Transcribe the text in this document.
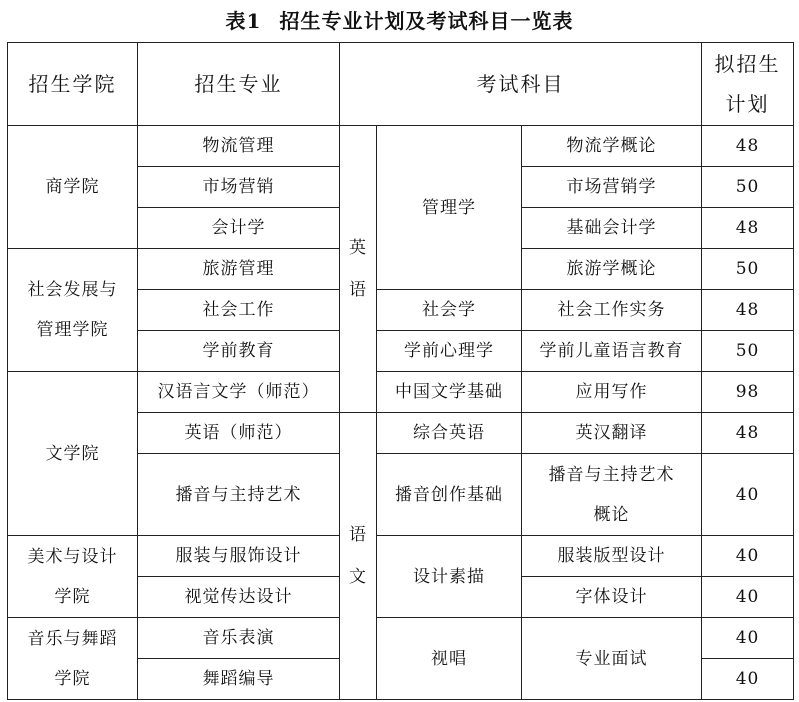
表1 招生专业计划及考试科目一览表
招生学院	招生专业	考试科目			拟招生计划
商学院	物流管理	英语	管理学	物流学概论	48
	市场营销			市场营销学	50
	会计学			基础会计学	48
社会发展与管理学院	旅游管理			旅游学概论	50
	社会工作		社会学	社会工作实务	48
	学前教育		学前心理学	学前儿童语言教育	50
文学院	汉语言文学（师范）		中国文学基础	应用写作	98
	英语（师范）	语文	综合英语	英汉翻译	48
	播音与主持艺术		播音创作基础	播音与主持艺术概论	40
美术与设计学院	服装与服饰设计		设计素描	服装版型设计	40
	视觉传达设计			字体设计	40
音乐与舞蹈学院	音乐表演		视唱	专业面试	40
	舞蹈编导				40
